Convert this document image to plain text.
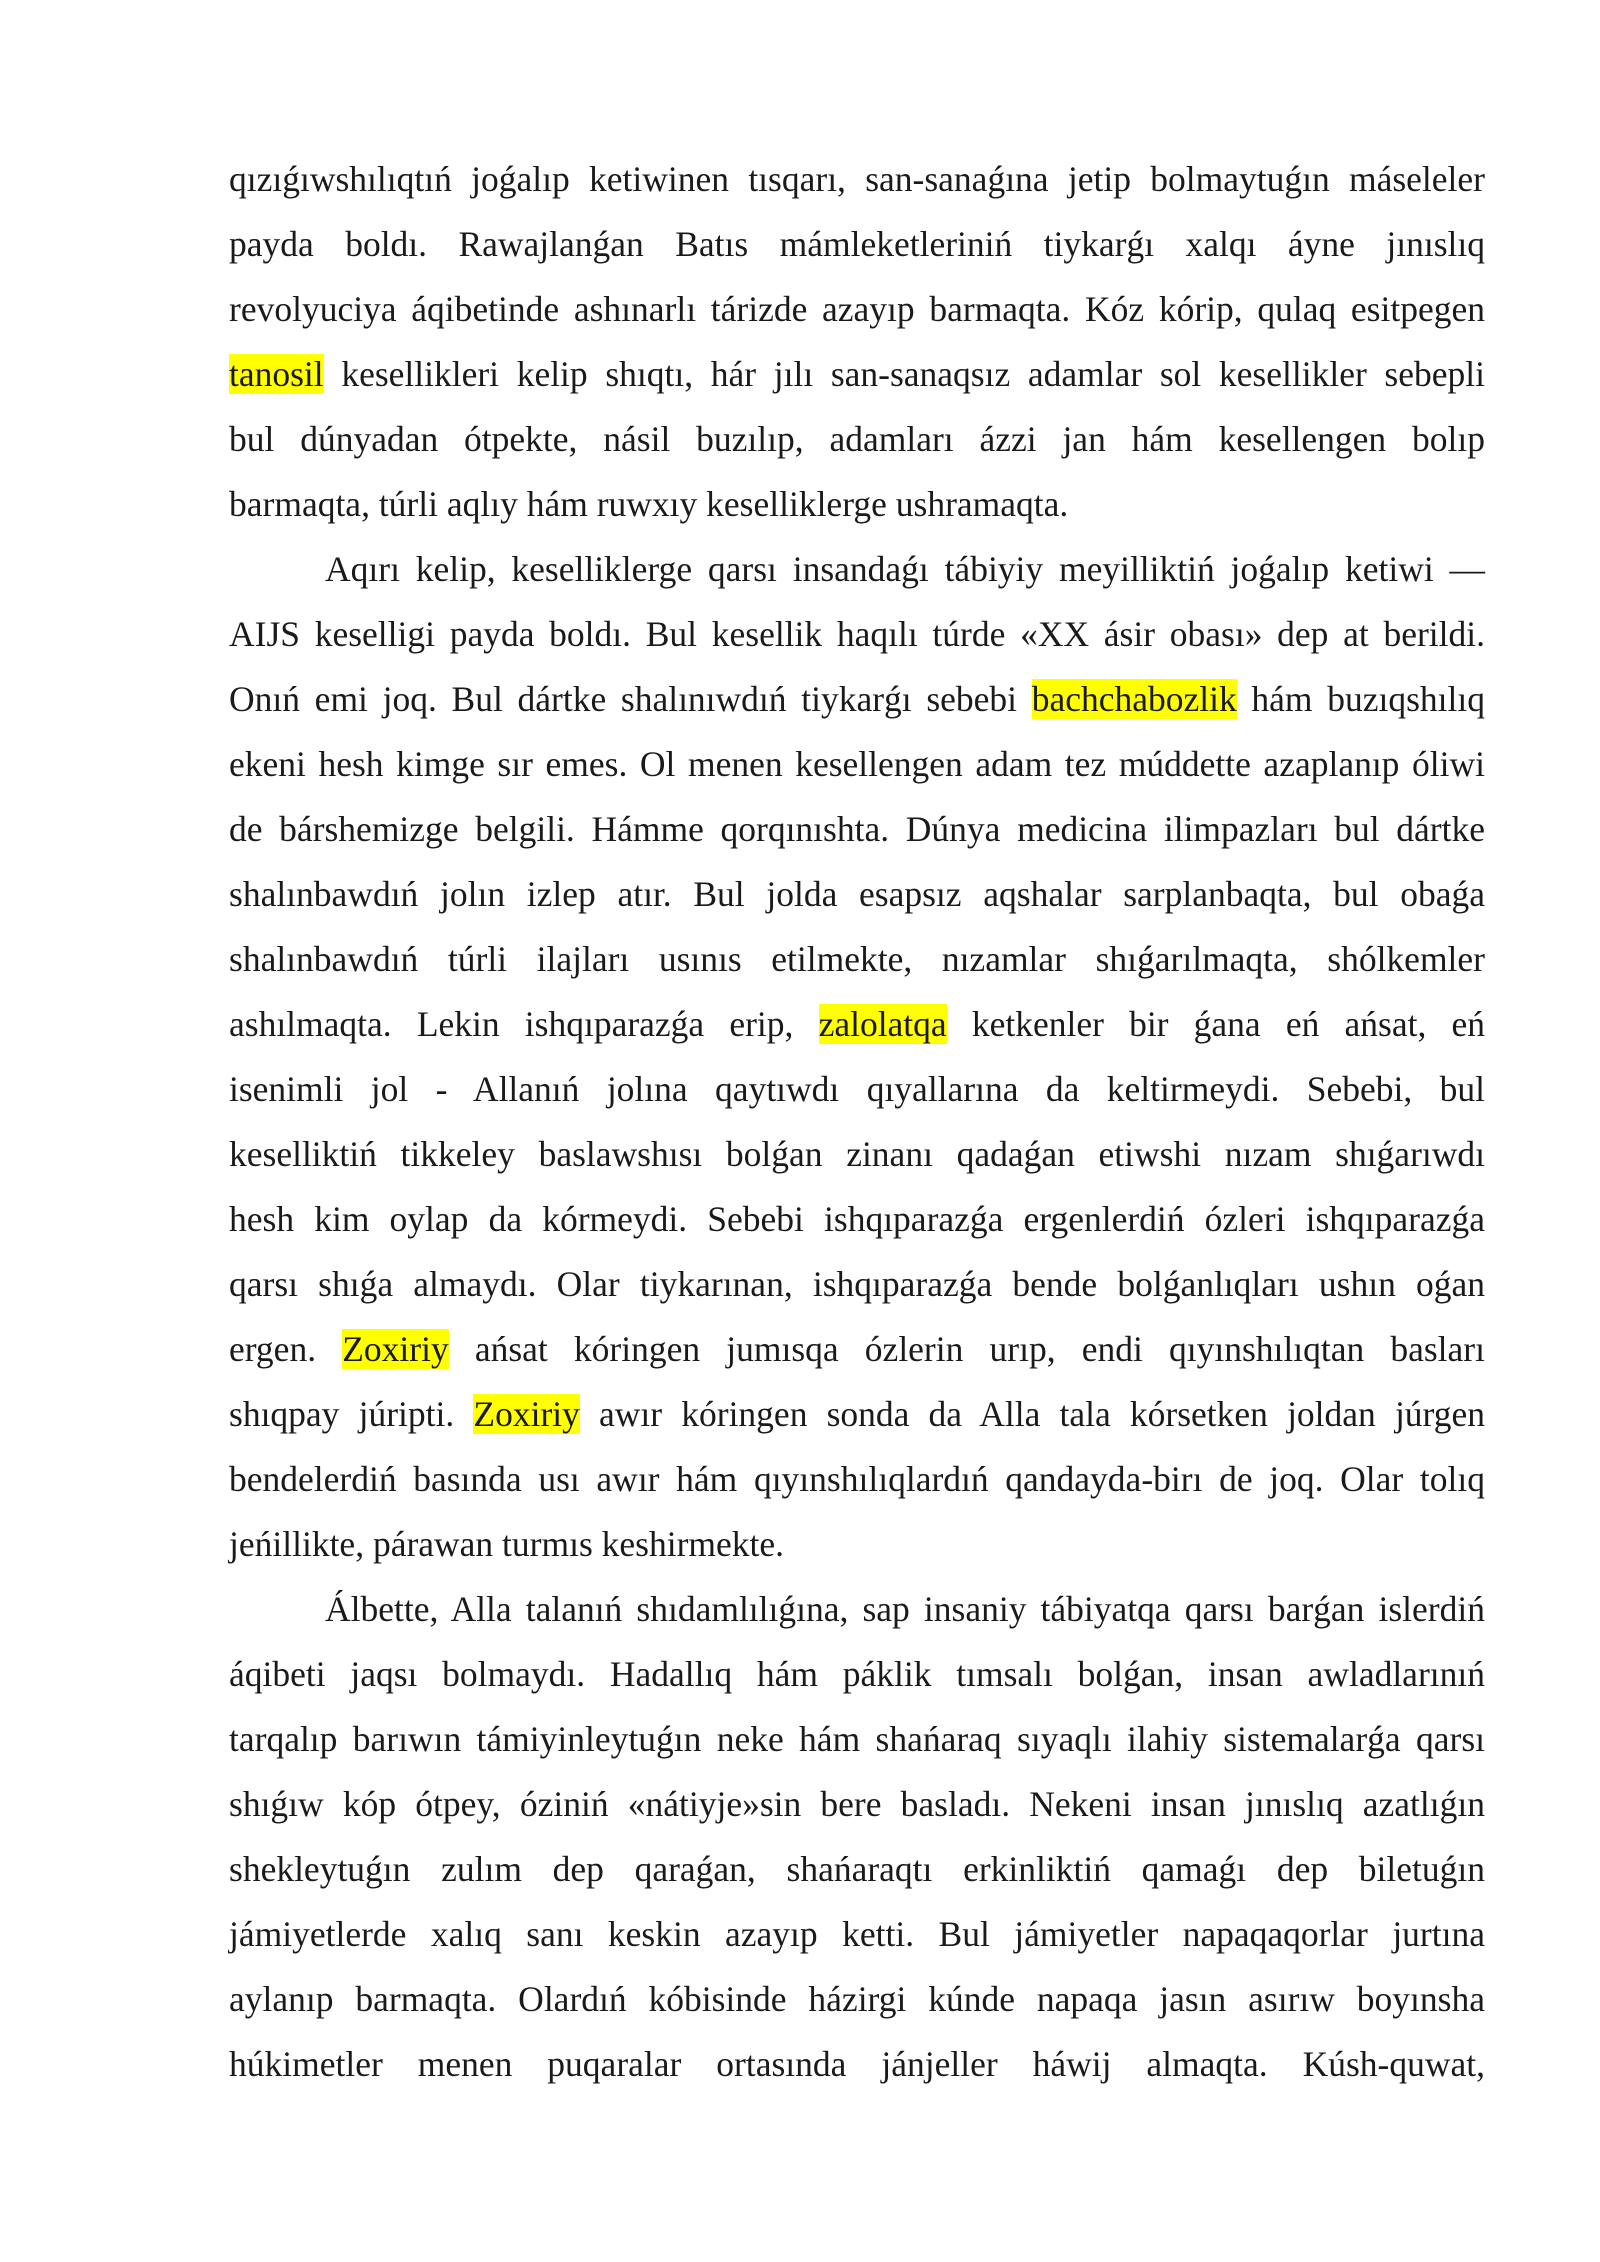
qızıǵıwshılıqtıń joǵalıp ketiwinen tısqarı, san-sanaǵına jetip bolmaytuǵın máseleler
payda boldı. Rawajlanǵan Batıs mámleketleriniń tiykarǵı xalqı áyne jınıslıq
revolyuciya áqibetinde ashınarlı tárizde azayıp barmaqta. Kóz kórip, qulaq esitpegen
tanosil kesellikleri kelip shıqtı, hár jılı san-sanaqsız adamlar sol kesellikler sebepli
bul dúnyadan ótpekte, násil buzılıp, adamları ázzi jan hám kesellengen bolıp
barmaqta, túrli aqlıy hám ruwxıy keselliklerge ushramaqta.
Aqırı kelip, keselliklerge qarsı insandaǵı tábiyiy meyilliktiń joǵalıp ketiwi —
AIJS keselligi payda boldı. Bul kesellik haqılı túrde «XX ásir obası» dep at berildi.
Onıń emi joq. Bul dártke shalınıwdıń tiykarǵı sebebi bachchabozlik hám buzıqshılıq
ekeni hesh kimge sır emes. Ol menen kesellengen adam tez múddette azaplanıp óliwi
de bárshemizge belgili. Hámme qorqınıshta. Dúnya medicina ilimpazları bul dártke
shalınbawdıń jolın izlep atır. Bul jolda esapsız aqshalar sarplanbaqta, bul obaǵa
shalınbawdıń túrli ilajları usınıs etilmekte, nızamlar shıǵarılmaqta, shólkemler
ashılmaqta. Lekin ishqıparazǵa erip, zalolatqa ketkenler bir ǵana eń ańsat, eń
isenimli jol - Allanıń jolına qaytıwdı qıyallarına da keltirmeydi. Sebebi, bul
keselliktiń tikkeley baslawshısı bolǵan zinanı qadaǵan etiwshi nızam shıǵarıwdı
hesh kim oylap da kórmeydi. Sebebi ishqıparazǵa ergenlerdiń ózleri ishqıparazǵa
qarsı shıǵa almaydı. Olar tiykarınan, ishqıparazǵa bende bolǵanlıqları ushın oǵan
ergen. Zoxiriy ańsat kóringen jumısqa ózlerin urıp, endi qıyınshılıqtan basları
shıqpay júripti. Zoxiriy awır kóringen sonda da Alla tala kórsetken joldan júrgen
bendelerdiń basında usı awır hám qıyınshılıqlardıń qandayda-birı de joq. Olar tolıq
jeńillikte, párawan turmıs keshirmekte.
Álbette, Alla talanıń shıdamlılıǵına, sap insaniy tábiyatqa qarsı barǵan islerdiń
áqibeti jaqsı bolmaydı. Hadallıq hám páklik tımsalı bolǵan, insan awladlarınıń
tarqalıp barıwın támiyinleytuǵın neke hám shańaraq sıyaqlı ilahiy sistemalarǵa qarsı
shıǵıw kóp ótpey, óziniń «nátiyje»sin bere basladı. Nekeni insan jınıslıq azatlıǵın
shekleytuǵın zulım dep qaraǵan, shańaraqtı erkinliktiń qamaǵı dep biletuǵın
jámiyetlerde xalıq sanı keskin azayıp ketti. Bul jámiyetler napaqaqorlar jurtına
aylanıp barmaqta. Olardıń kóbisinde házirgi kúnde napaqa jasın asırıw boyınsha
húkimetler menen puqaralar ortasında jánjeller háwij almaqta. Kúsh-quwat,
